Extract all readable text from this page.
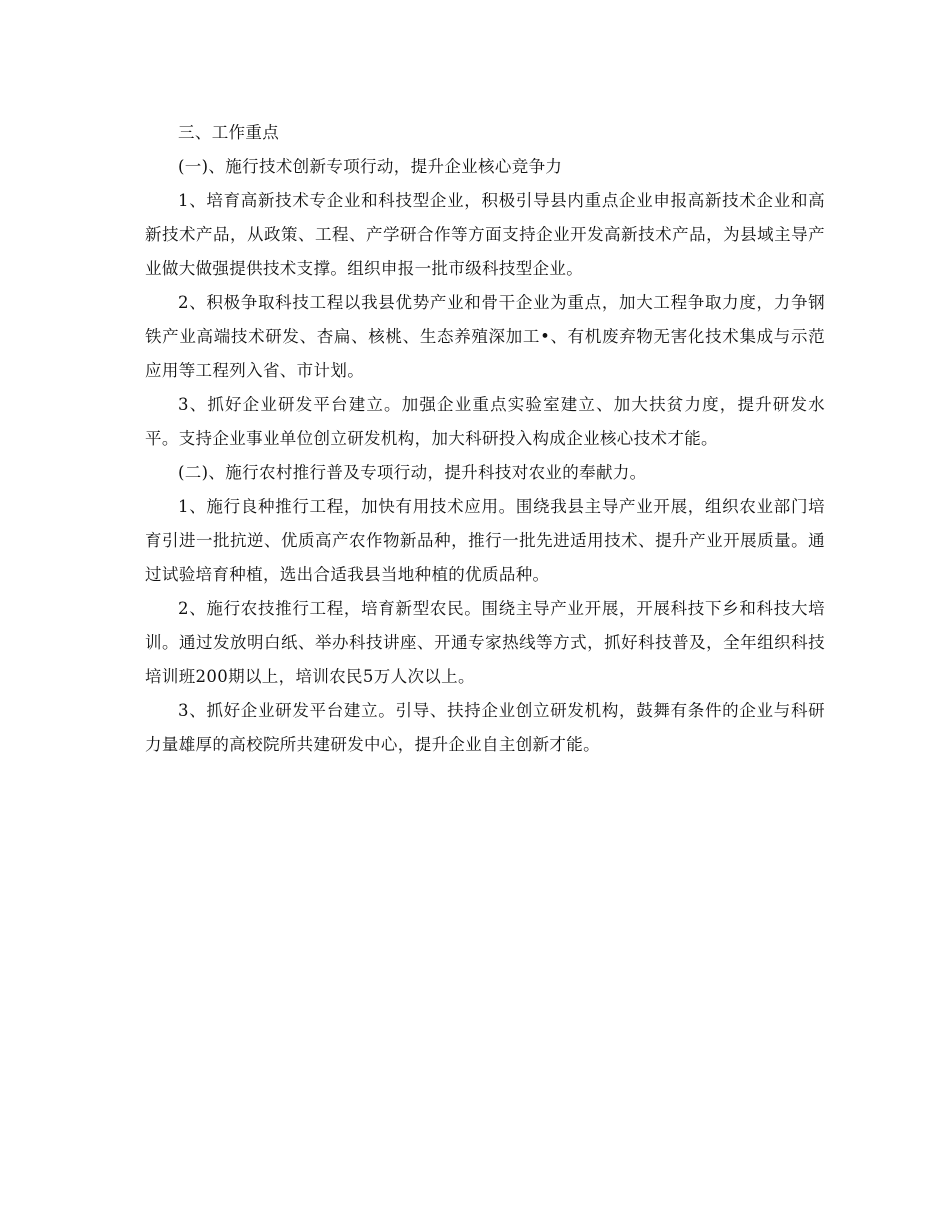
三、工作重点

(一)、施行技术创新专项行动，提升企业核心竞争力

1、培育高新技术专企业和科技型企业，积极引导县内重点企业申报高新技术企业和高新技术产品，从政策、工程、产学研合作等方面支持企业开发高新技术产品，为县域主导产业做大做强提供技术支撑。组织申报一批市级科技型企业。

2、积极争取科技工程以我县优势产业和骨干企业为重点，加大工程争取力度，力争钢铁产业高端技术研发、杏扁、核桃、生态养殖深加工•、有机废弃物无害化技术集成与示范应用等工程列入省、市计划。

3、抓好企业研发平台建立。加强企业重点实验室建立、加大扶贫力度，提升研发水平。支持企业事业单位创立研发机构，加大科研投入构成企业核心技术才能。

(二)、施行农村推行普及专项行动，提升科技对农业的奉献力。

1、施行良种推行工程，加快有用技术应用。围绕我县主导产业开展，组织农业部门培育引进一批抗逆、优质高产农作物新品种，推行一批先进适用技术、提升产业开展质量。通过试验培育种植，选出合适我县当地种植的优质品种。

2、施行农技推行工程，培育新型农民。围绕主导产业开展，开展科技下乡和科技大培训。通过发放明白纸、举办科技讲座、开通专家热线等方式，抓好科技普及，全年组织科技培训班200期以上，培训农民5万人次以上。

3、抓好企业研发平台建立。引导、扶持企业创立研发机构，鼓舞有条件的企业与科研力量雄厚的高校院所共建研发中心，提升企业自主创新才能。
